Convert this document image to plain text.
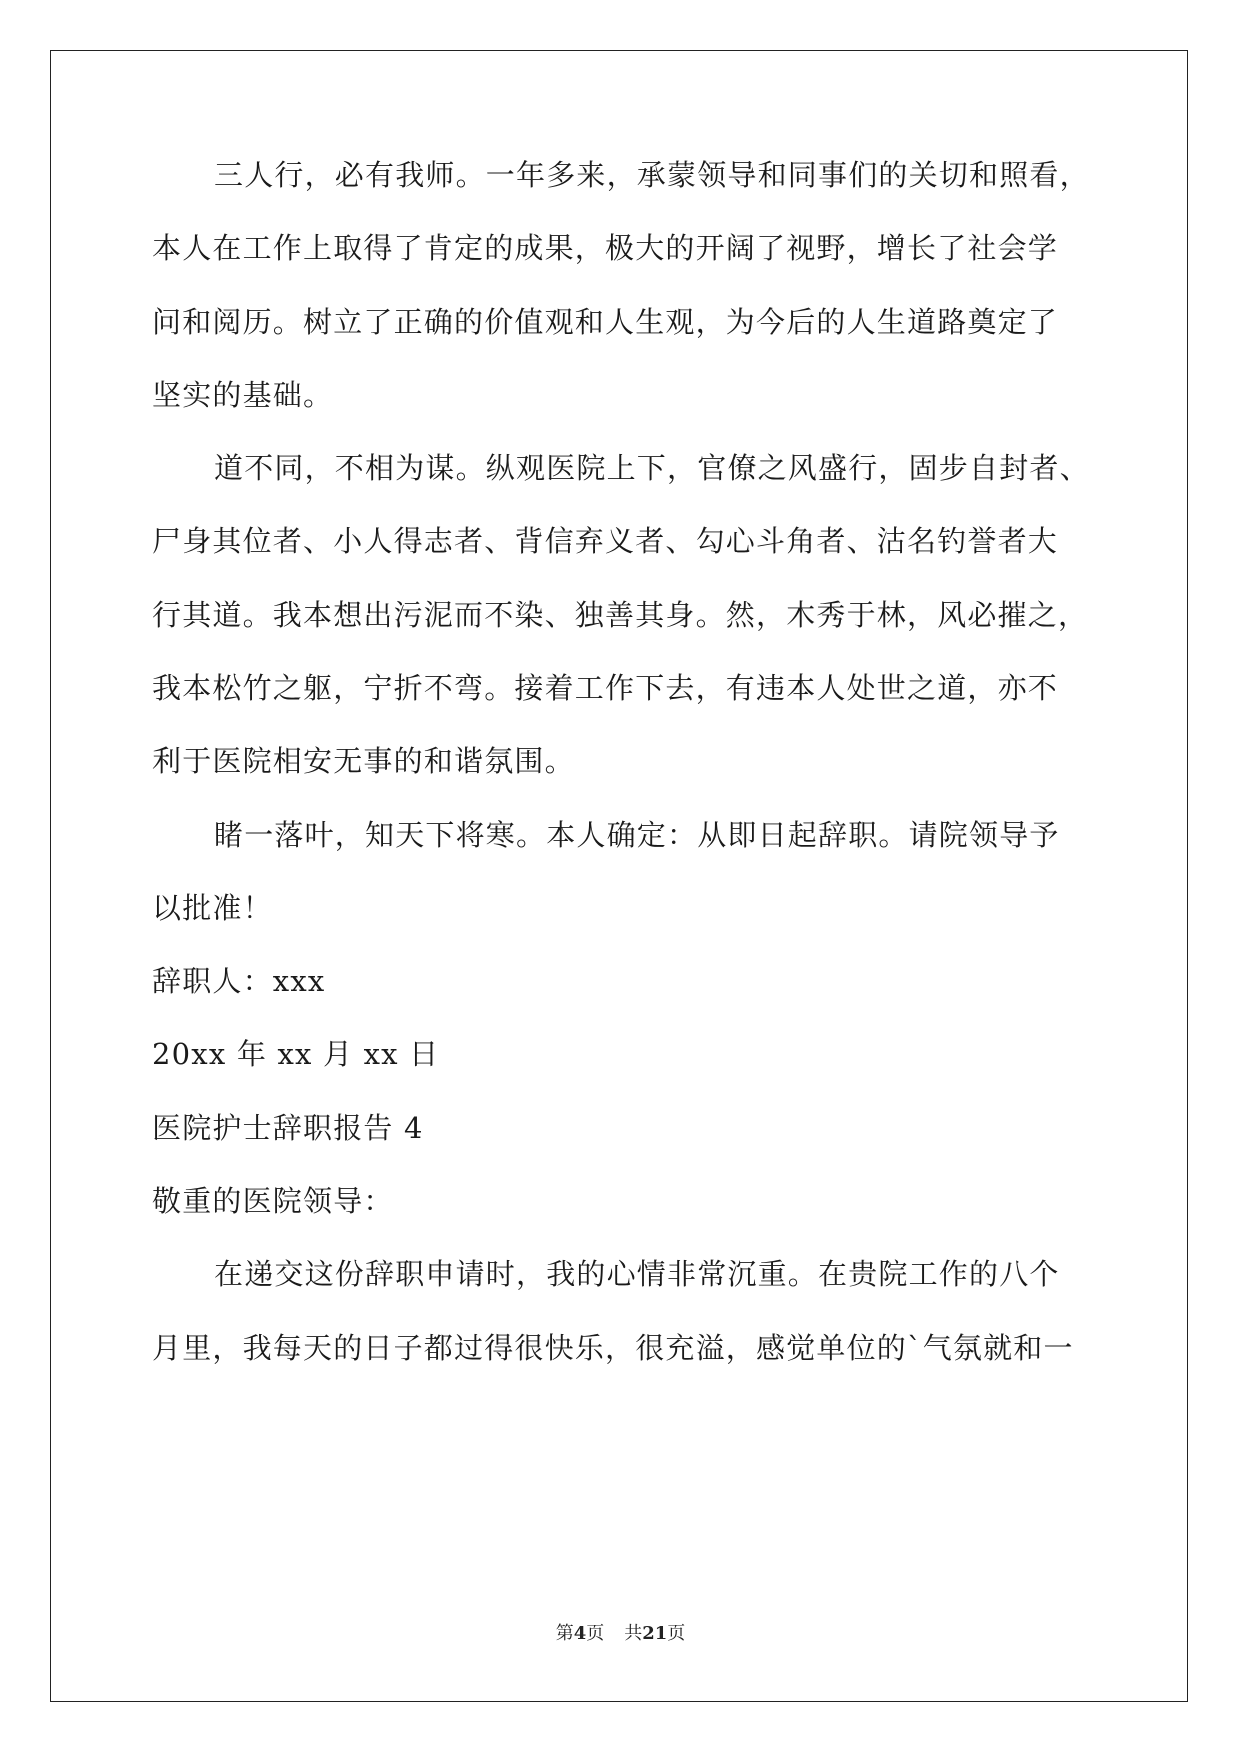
三人行，必有我师。一年多来，承蒙领导和同事们的关切和照看，
本人在工作上取得了肯定的成果，极大的开阔了视野，增长了社会学
问和阅历。树立了正确的价值观和人生观，为今后的人生道路奠定了
坚实的基础。
道不同，不相为谋。纵观医院上下，官僚之风盛行，固步自封者、
尸身其位者、小人得志者、背信弃义者、勾心斗角者、沽名钓誉者大
行其道。我本想出污泥而不染、独善其身。然，木秀于林，风必摧之，
我本松竹之躯，宁折不弯。接着工作下去，有违本人处世之道，亦不
利于医院相安无事的和谐氛围。
睹一落叶，知天下将寒。本人确定：从即日起辞职。请院领导予
以批准！
辞职人：xxx
20xx 年 xx 月 xx 日
医院护士辞职报告 4
敬重的医院领导：
在递交这份辞职申请时，我的心情非常沉重。在贵院工作的八个
月里，我每天的日子都过得很快乐，很充溢，感觉单位的`气氛就和一
第4页 共21页
